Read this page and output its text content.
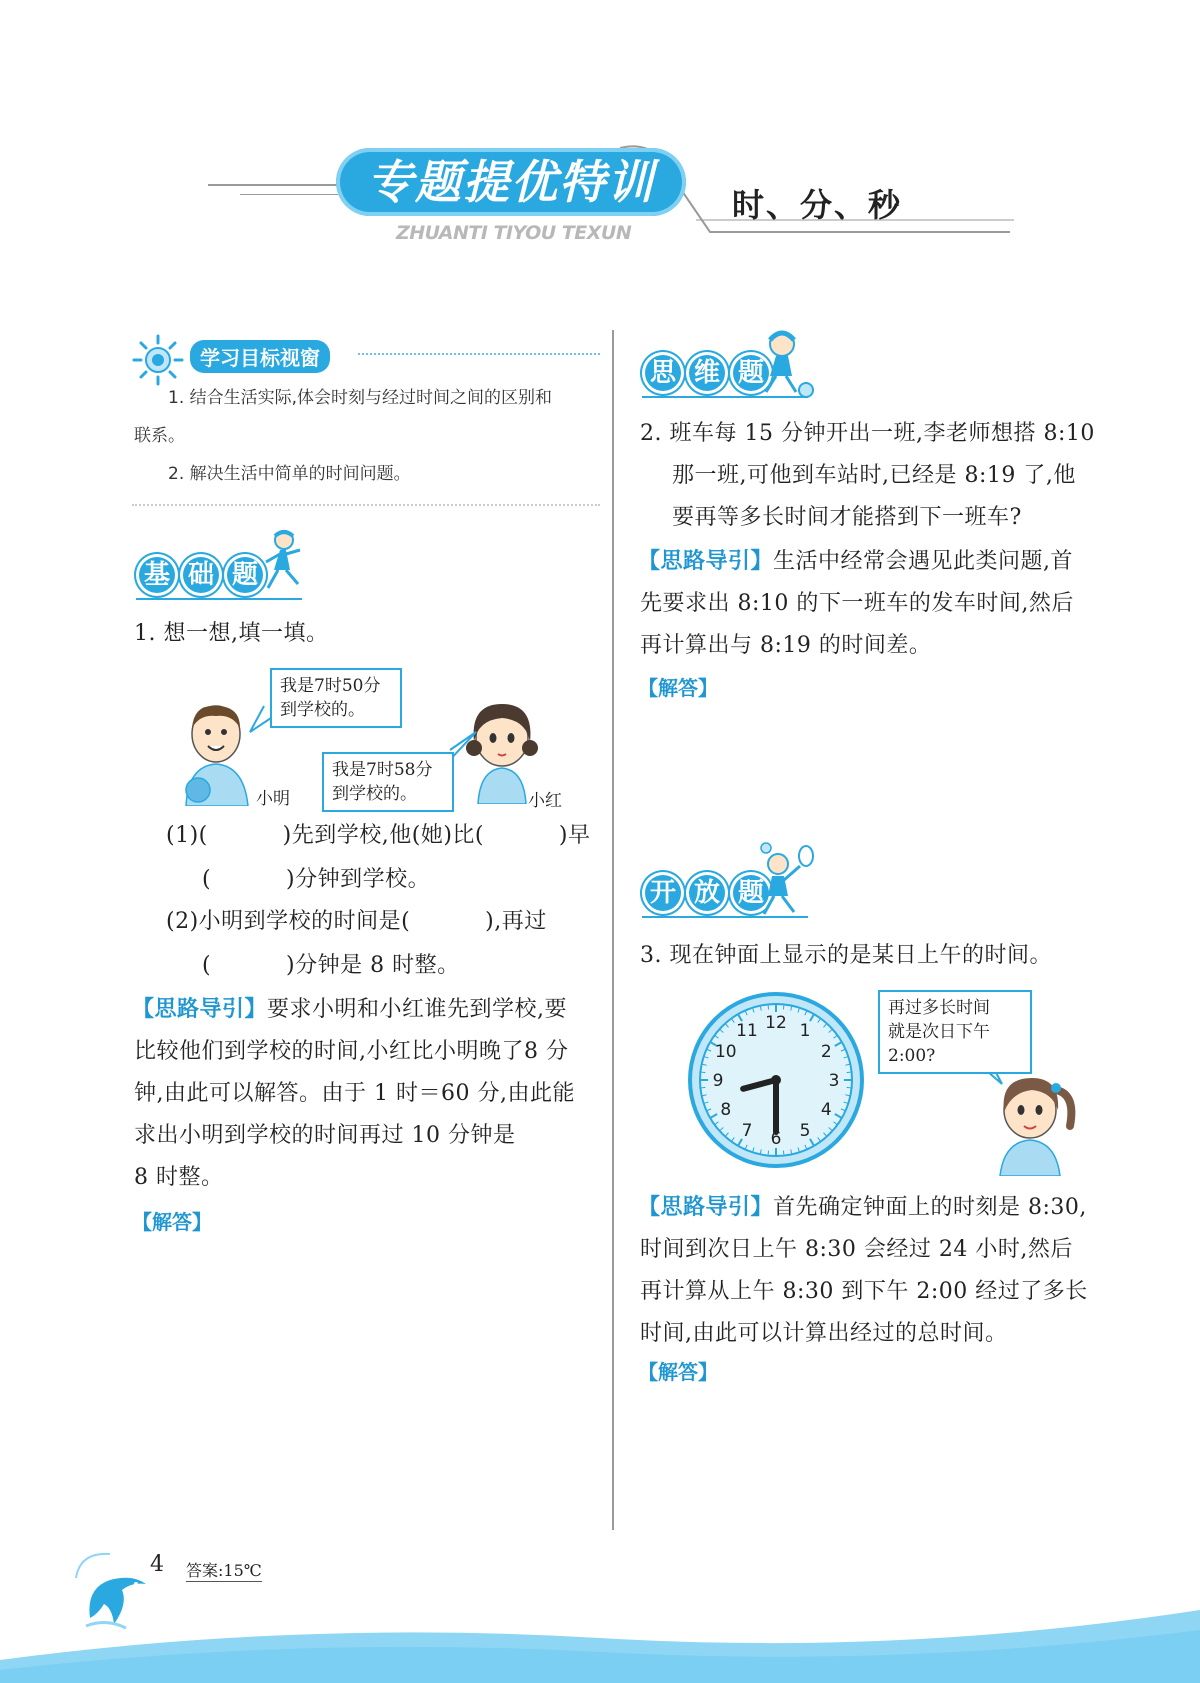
专题提优特训
ZHUANTI TIYOU TEXUN
时、分、秒
学习目标视窗
1. 结合生活实际,体会时刻与经过时间之间的区别和
联系。
2. 解决生活中简单的时间问题。
基 础 题
1. 想一想,填一填。
我是7时50分
到学校的。
我是7时58分
到学校的。
小明	小红
(1)(          )先到学校,他(她)比(          )早
(          )分钟到学校。
(2)小明到学校的时间是(          ),再过
(          )分钟是 8 时整。
【思路导引】要求小明和小红谁先到学校,要
比较他们到学校的时间,小红比小明晚了8 分
钟,由此可以解答。由于 1 时＝60 分,由此能
求出小明到学校的时间再过 10 分钟是
8 时整。
【解答】
思 维 题
2. 班车每 15 分钟开出一班,李老师想搭 8:10
那一班,可他到车站时,已经是 8:19 了,他
要再等多长时间才能搭到下一班车?
【思路导引】生活中经常会遇见此类问题,首
先要求出 8:10 的下一班车的发车时间,然后
再计算出与 8:19 的时间差。
【解答】
开 放 题
3. 现在钟面上显示的是某日上午的时间。
12 1
2
3
4
5
6
7
8
9
10
11
再过多长时间
就是次日下午
2:00?
【思路导引】首先确定钟面上的时刻是 8:30,
时间到次日上午 8:30 会经过 24 小时,然后
再计算从上午 8:30 到下午 2:00 经过了多长
时间,由此可以计算出经过的总时间。
【解答】
4 答案:15℃
